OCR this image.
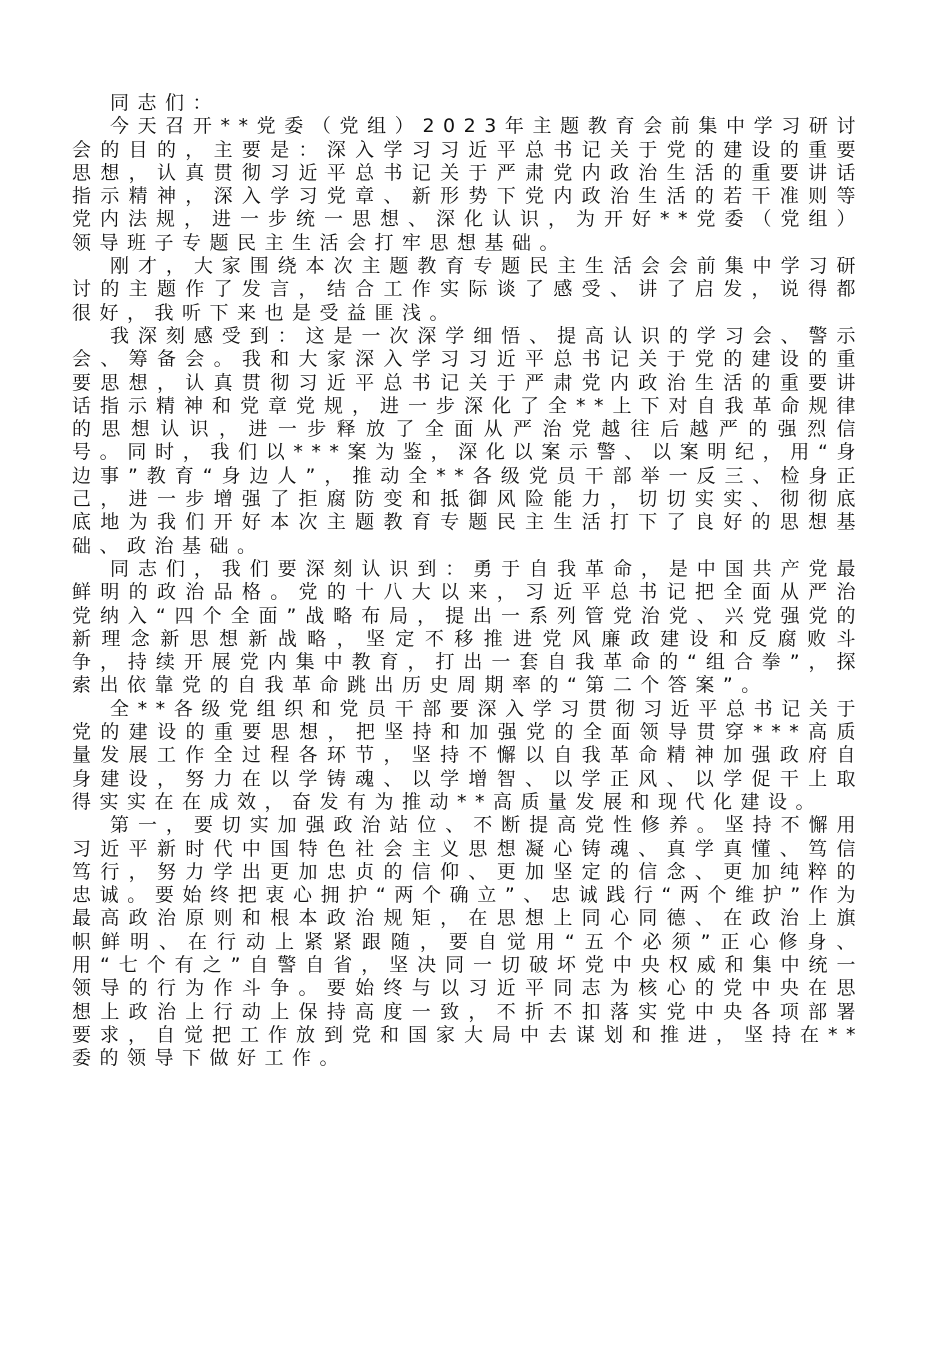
同志们：

今天召开**党委（党组）2023年主题教育会前集中学习研讨会的目的，主要是：深入学习习近平总书记关于党的建设的重要思想，认真贯彻习近平总书记关于严肃党内政治生活的重要讲话指示精神，深入学习党章、新形势下党内政治生活的若干准则等党内法规，进一步统一思想、深化认识，为开好**党委（党组）领导班子专题民主生活会打牢思想基础。

刚才，大家围绕本次主题教育专题民主生活会会前集中学习研讨的主题作了发言，结合工作实际谈了感受、讲了启发，说得都很好，我听下来也是受益匪浅。

我深刻感受到：这是一次深学细悟、提高认识的学习会、警示会、筹备会。我和大家深入学习习近平总书记关于党的建设的重要思想，认真贯彻习近平总书记关于严肃党内政治生活的重要讲话指示精神和党章党规，进一步深化了全**上下对自我革命规律的思想认识，进一步释放了全面从严治党越往后越严的强烈信号。同时，我们以***案为鉴，深化以案示警、以案明纪，用“身边事”教育“身边人”，推动全**各级党员干部举一反三、检身正己，进一步增强了拒腐防变和抵御风险能力，切切实实、彻彻底底地为我们开好本次主题教育专题民主生活打下了良好的思想基础、政治基础。

同志们，我们要深刻认识到：勇于自我革命，是中国共产党最鲜明的政治品格。党的十八大以来，习近平总书记把全面从严治党纳入“四个全面”战略布局，提出一系列管党治党、兴党强党的新理念新思想新战略，坚定不移推进党风廉政建设和反腐败斗争，持续开展党内集中教育，打出一套自我革命的“组合拳”，探索出依靠党的自我革命跳出历史周期率的“第二个答案”。

全**各级党组织和党员干部要深入学习贯彻习近平总书记关于党的建设的重要思想，把坚持和加强党的全面领导贯穿***高质量发展工作全过程各环节，坚持不懈以自我革命精神加强政府自身建设，努力在以学铸魂、以学增智、以学正风、以学促干上取得实实在在成效，奋发有为推动**高质量发展和现代化建设。

第一，要切实加强政治站位、不断提高党性修养。坚持不懈用习近平新时代中国特色社会主义思想凝心铸魂、真学真懂、笃信笃行，努力学出更加忠贞的信仰、更加坚定的信念、更加纯粹的忠诚。要始终把衷心拥护“两个确立”、忠诚践行“两个维护”作为最高政治原则和根本政治规矩，在思想上同心同德、在政治上旗帜鲜明、在行动上紧紧跟随，要自觉用“五个必须”正心修身、用“七个有之”自警自省，坚决同一切破坏党中央权威和集中统一领导的行为作斗争。要始终与以习近平同志为核心的党中央在思想上政治上行动上保持高度一致，不折不扣落实党中央各项部署要求，自觉把工作放到党和国家大局中去谋划和推进，坚持在**委的领导下做好工作。
